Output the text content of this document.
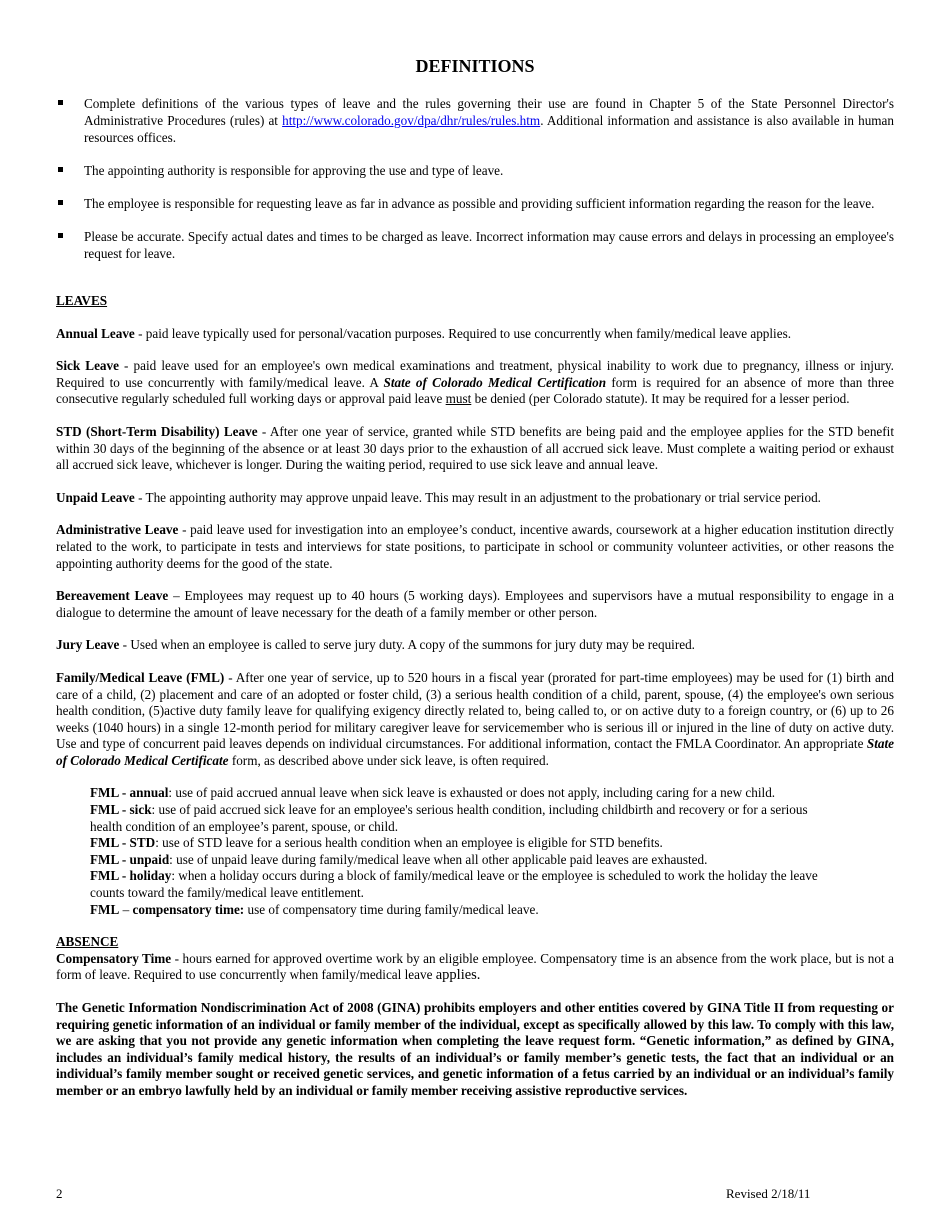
DEFINITIONS
Complete definitions of the various types of leave and the rules governing their use are found in Chapter 5 of the State Personnel Director's Administrative Procedures (rules) at http://www.colorado.gov/dpa/dhr/rules/rules.htm. Additional information and assistance is also available in human resources offices.
The appointing authority is responsible for approving the use and type of leave.
The employee is responsible for requesting leave as far in advance as possible and providing sufficient information regarding the reason for the leave.
Please be accurate. Specify actual dates and times to be charged as leave. Incorrect information may cause errors and delays in processing an employee's request for leave.
LEAVES

Annual Leave - paid leave typically used for personal/vacation purposes. Required to use concurrently when family/medical leave applies.

Sick Leave - paid leave used for an employee's own medical examinations and treatment, physical inability to work due to pregnancy, illness or injury. Required to use concurrently with family/medical leave. A State of Colorado Medical Certification form is required for an absence of more than three consecutive regularly scheduled full working days or approval paid leave must be denied (per Colorado statute). It may be required for a lesser period.

STD (Short-Term Disability) Leave - After one year of service, granted while STD benefits are being paid and the employee applies for the STD benefit within 30 days of the beginning of the absence or at least 30 days prior to the exhaustion of all accrued sick leave. Must complete a waiting period or exhaust all accrued sick leave, whichever is longer. During the waiting period, required to use sick leave and annual leave.

Unpaid Leave - The appointing authority may approve unpaid leave. This may result in an adjustment to the probationary or trial service period.

Administrative Leave - paid leave used for investigation into an employee’s conduct, incentive awards, coursework at a higher education institution directly related to the work, to participate in tests and interviews for state positions, to participate in school or community volunteer activities, or other reasons the appointing authority deems for the good of the state.

Bereavement Leave – Employees may request up to 40 hours (5 working days). Employees and supervisors have a mutual responsibility to engage in a dialogue to determine the amount of leave necessary for the death of a family member or other person.

Jury Leave - Used when an employee is called to serve jury duty. A copy of the summons for jury duty may be required.

Family/Medical Leave (FML) - After one year of service, up to 520 hours in a fiscal year (prorated for part-time employees) may be used for (1) birth and care of a child, (2) placement and care of an adopted or foster child, (3) a serious health condition of a child, parent, spouse, (4) the employee's own serious health condition, (5)active duty family leave for qualifying exigency directly related to, being called to, or on active duty to a foreign country, or (6) up to 26 weeks (1040 hours) in a single 12-month period for military caregiver leave for servicemember who is serious ill or injured in the line of duty on active duty. Use and type of concurrent paid leaves depends on individual circumstances. For additional information, contact the FMLA Coordinator. An appropriate State of Colorado Medical Certificate form, as described above under sick leave, is often required.

FML - annual: use of paid accrued annual leave when sick leave is exhausted or does not apply, including caring for a new child.
FML - sick: use of paid accrued sick leave for an employee's serious health condition, including childbirth and recovery or for a serious health condition of an employee’s parent, spouse, or child.
FML - STD: use of STD leave for a serious health condition when an employee is eligible for STD benefits.
FML - unpaid: use of unpaid leave during family/medical leave when all other applicable paid leaves are exhausted.
FML - holiday: when a holiday occurs during a block of family/medical leave or the employee is scheduled to work the holiday the leave counts toward the family/medical leave entitlement.
FML – compensatory time: use of compensatory time during family/medical leave.
ABSENCE

Compensatory Time - hours earned for approved overtime work by an eligible employee. Compensatory time is an absence from the work place, but is not a form of leave. Required to use concurrently when family/medical leave applies.

The Genetic Information Nondiscrimination Act of 2008 (GINA) prohibits employers and other entities covered by GINA Title II from requesting or requiring genetic information of an individual or family member of the individual, except as specifically allowed by this law. To comply with this law, we are asking that you not provide any genetic information when completing the leave request form. “Genetic information,” as defined by GINA, includes an individual’s family medical history, the results of an individual’s or family member’s genetic tests, the fact that an individual or an individual’s family member sought or received genetic services, and genetic information of a fetus carried by an individual or an individual’s family member or an embryo lawfully held by an individual or family member receiving assistive reproductive services.

2	Revised 2/18/11
